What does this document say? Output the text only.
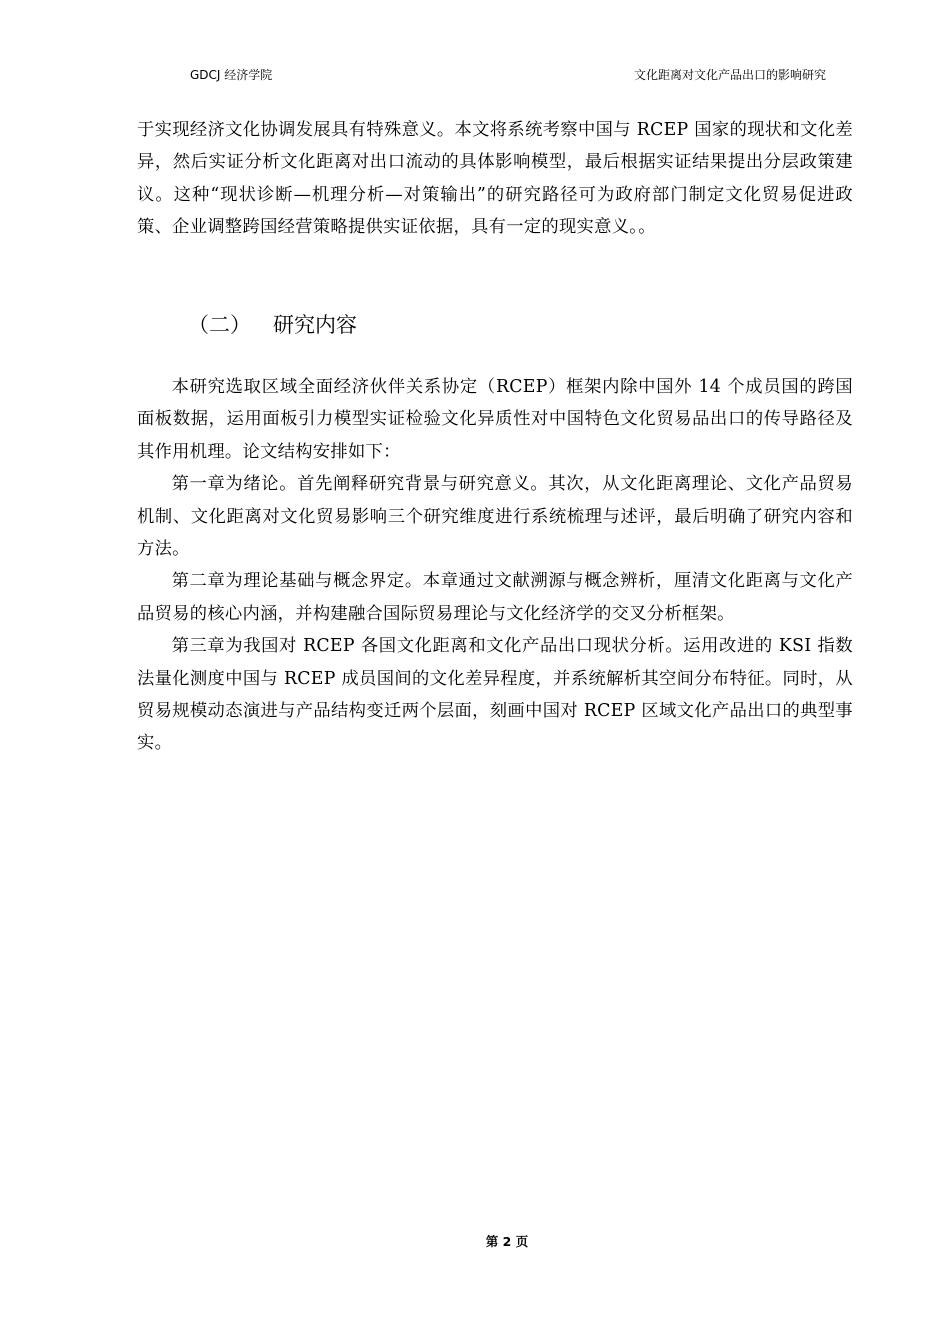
GDCJ 经济学院	文化距离对文化产品出口的影响研究

于实现经济文化协调发展具有特殊意义。本文将系统考察中国与 RCEP 国家的现状和文化差异，然后实证分析文化距离对出口流动的具体影响模型，最后根据实证结果提出分层政策建议。这种“现状诊断—机理分析—对策输出”的研究路径可为政府部门制定文化贸易促进政策、企业调整跨国经营策略提供实证依据，具有一定的现实意义。。

（二） 研究内容

本研究选取区域全面经济伙伴关系协定（RCEP）框架内除中国外 14 个成员国的跨国面板数据，运用面板引力模型实证检验文化异质性对中国特色文化贸易品出口的传导路径及其作用机理。论文结构安排如下：

第一章为绪论。首先阐释研究背景与研究意义。其次，从文化距离理论、文化产品贸易机制、文化距离对文化贸易影响三个研究维度进行系统梳理与述评，最后明确了研究内容和方法。

第二章为理论基础与概念界定。本章通过文献溯源与概念辨析，厘清文化距离与文化产品贸易的核心内涵，并构建融合国际贸易理论与文化经济学的交叉分析框架。

第三章为我国对 RCEP 各国文化距离和文化产品出口现状分析。运用改进的 KSI 指数法量化测度中国与 RCEP 成员国间的文化差异程度，并系统解析其空间分布特征。同时，从贸易规模动态演进与产品结构变迁两个层面，刻画中国对 RCEP 区域文化产品出口的典型事实。

第 2 页
